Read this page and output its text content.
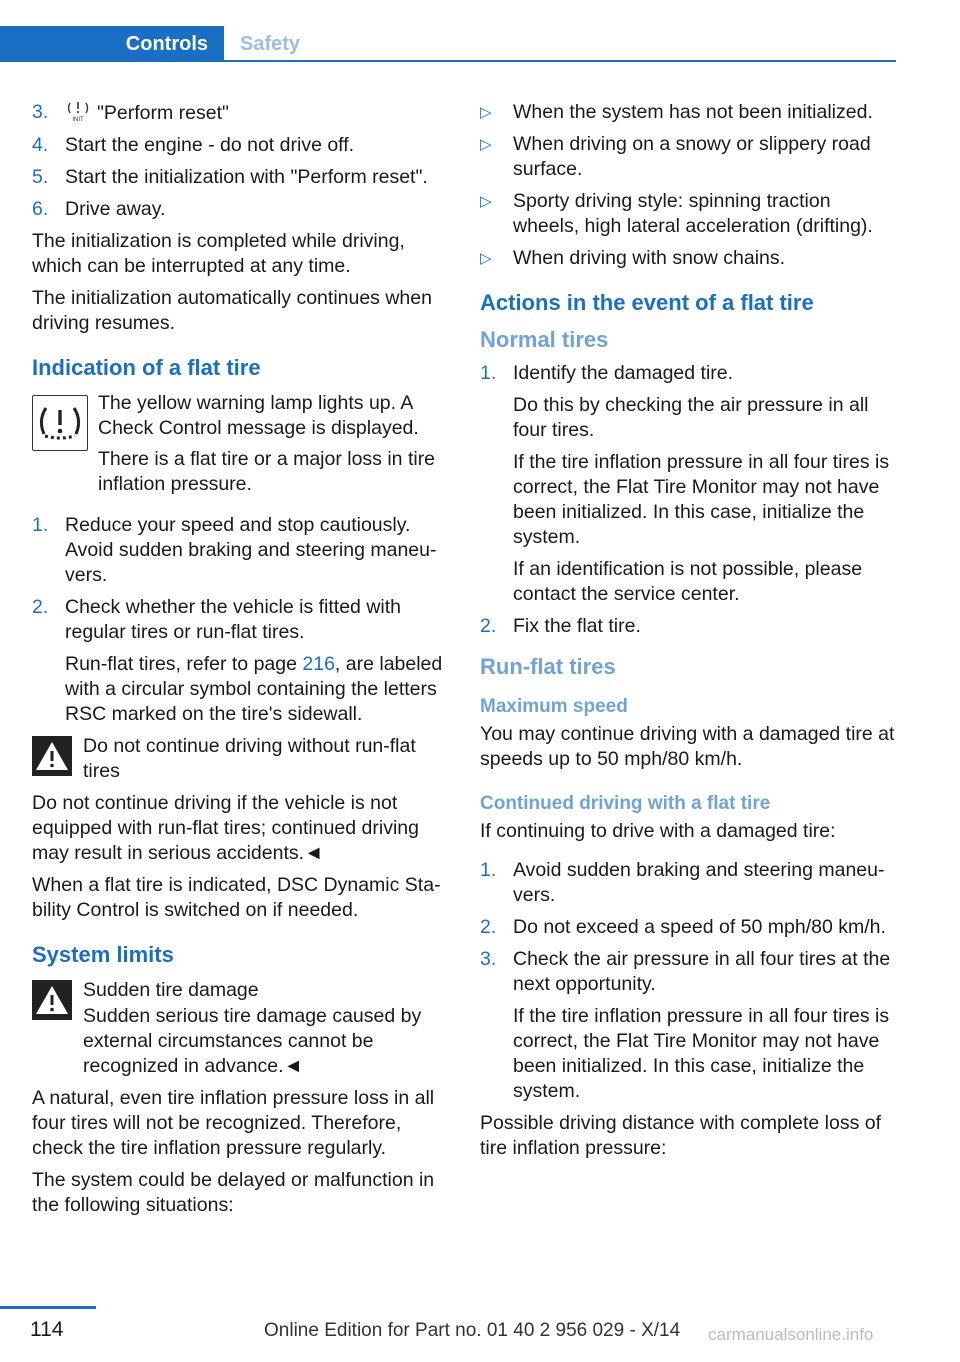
Controls	Safety
3.	INIT "Perform reset"
4. Start the engine - do not drive off.
5. Start the initialization with "Perform reset".
6. Drive away.

The initialization is completed while driving, which can be interrupted at any time.

The initialization automatically continues when driving resumes.

Indication of a flat tire

The yellow warning lamp lights up. A Check Control message is displayed.

There is a flat tire or a major loss in tire inflation pressure.

1. Reduce your speed and stop cautiously. Avoid sudden braking and steering maneuvers.
2. Check whether the vehicle is fitted with regular tires or run-flat tires.
Run-flat tires, refer to page 216, are labeled with a circular symbol containing the letters RSC marked on the tire's sidewall.

Do not continue driving without run-flat tires

Do not continue driving if the vehicle is not equipped with run-flat tires; continued driving may result in serious accidents.◄

When a flat tire is indicated, DSC Dynamic Stability Control is switched on if needed.

System limits

Sudden tire damage

Sudden serious tire damage caused by external circumstances cannot be recognized in advance.◄

A natural, even tire inflation pressure loss in all four tires will not be recognized. Therefore, check the tire inflation pressure regularly.

The system could be delayed or malfunction in the following situations:

▷	When the system has not been initialized.
▷	When driving on a snowy or slippery road surface.
▷	Sporty driving style: spinning traction wheels, high lateral acceleration (drifting).
▷	When driving with snow chains.
Actions in the event of a flat tire
Normal tires
1. Identify the damaged tire.
Do this by checking the air pressure in all four tires.
If the tire inflation pressure in all four tires is correct, the Flat Tire Monitor may not have been initialized. In this case, initialize the system.
If an identification is not possible, please contact the service center.
2. Fix the flat tire.
Run-flat tires
Maximum speed

You may continue driving with a damaged tire at speeds up to 50 mph/80 km/h.

Continued driving with a flat tire

If continuing to drive with a damaged tire:

1. Avoid sudden braking and steering maneuvers.
2. Do not exceed a speed of 50 mph/80 km/h.
3. Check the air pressure in all four tires at the next opportunity.
If the tire inflation pressure in all four tires is correct, the Flat Tire Monitor may not have been initialized. In this case, initialize the system.

Possible driving distance with complete loss of tire inflation pressure:

114	Online Edition for Part no. 01 40 2 956 029 - X/14 carmanualsonline.info
